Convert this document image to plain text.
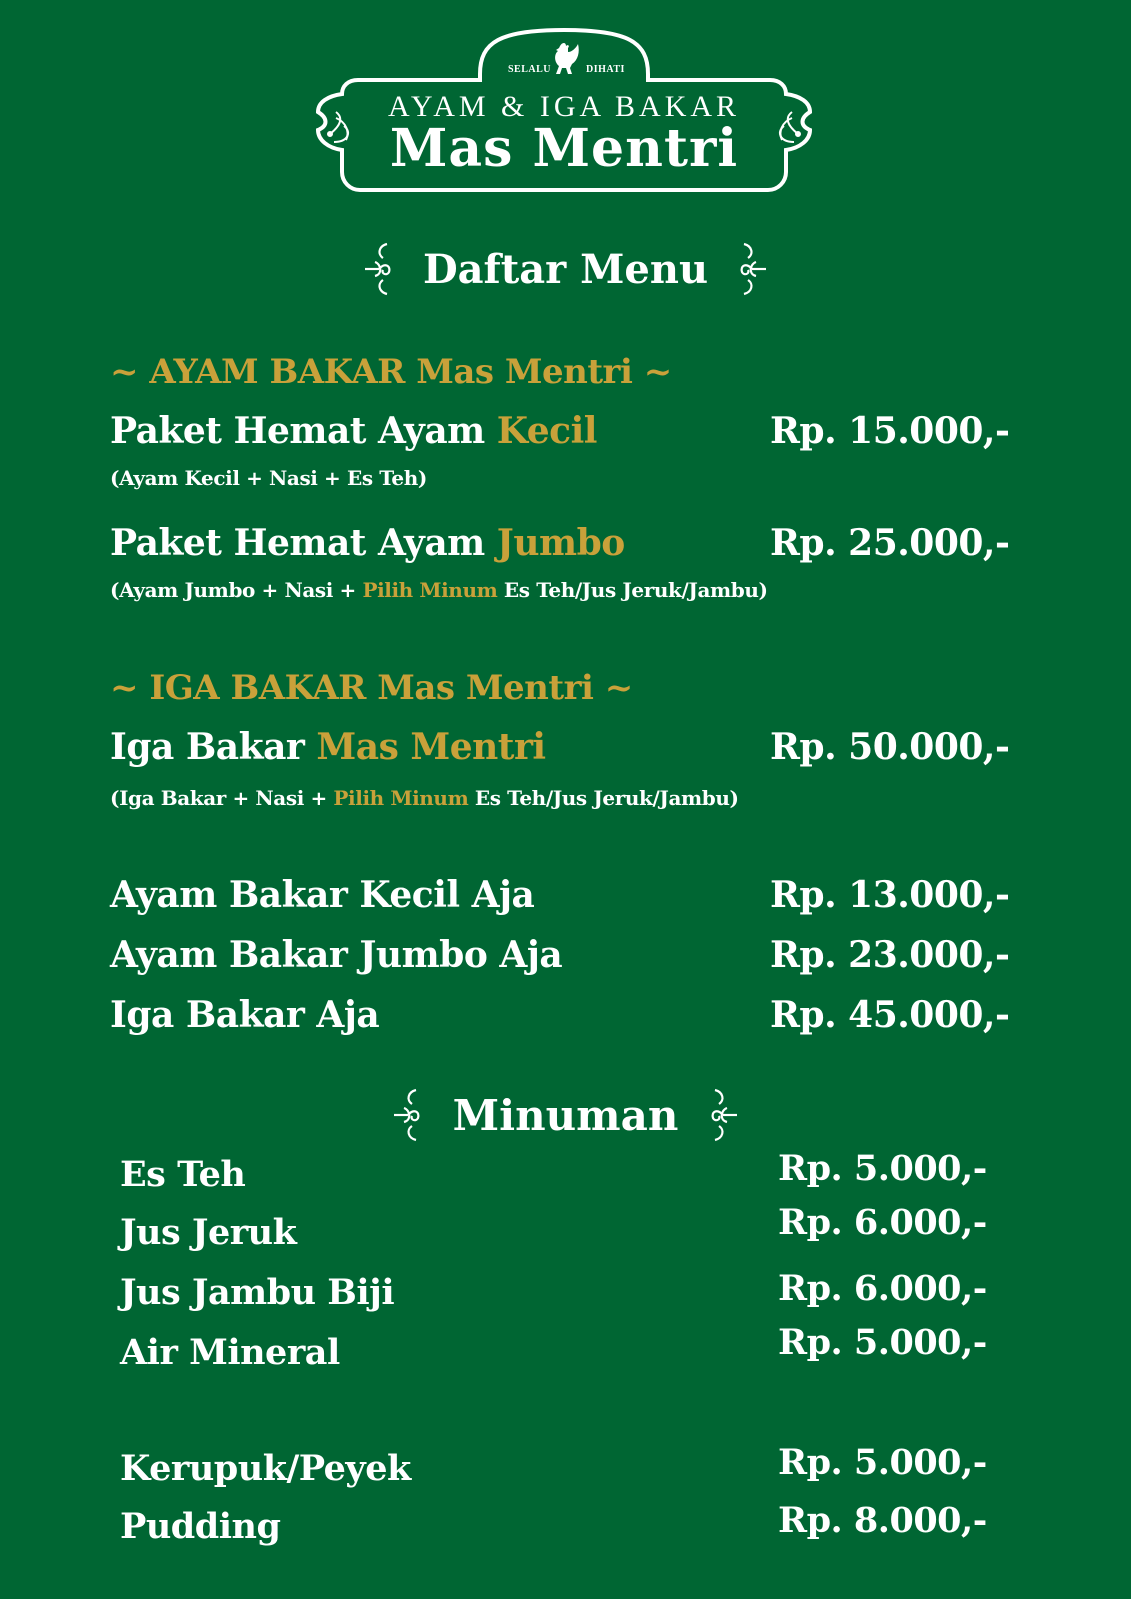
SELALU	DIHATI
AYAM & IGA BAKAR
Mas Mentri
Daftar Menu
~ AYAM BAKAR Mas Mentri ~
Paket Hemat Ayam Kecil	Rp. 15.000,-
(Ayam Kecil + Nasi + Es Teh)
Paket Hemat Ayam Jumbo	Rp. 25.000,-
(Ayam Jumbo + Nasi + Pilih Minum Es Teh/Jus Jeruk/Jambu)
~ IGA BAKAR Mas Mentri ~
Iga Bakar Mas Mentri	Rp. 50.000,-
(Iga Bakar + Nasi + Pilih Minum Es Teh/Jus Jeruk/Jambu)
Ayam Bakar Kecil Aja	Rp. 13.000,-
Ayam Bakar Jumbo Aja	Rp. 23.000,-
Iga Bakar Aja	Rp. 45.000,-
Minuman
Es Teh	Rp. 5.000,-
Jus Jeruk	Rp. 6.000,-
Jus Jambu Biji	Rp. 6.000,-
Air Mineral	Rp. 5.000,-
Kerupuk/Peyek	Rp. 5.000,-
Pudding	Rp. 8.000,-
